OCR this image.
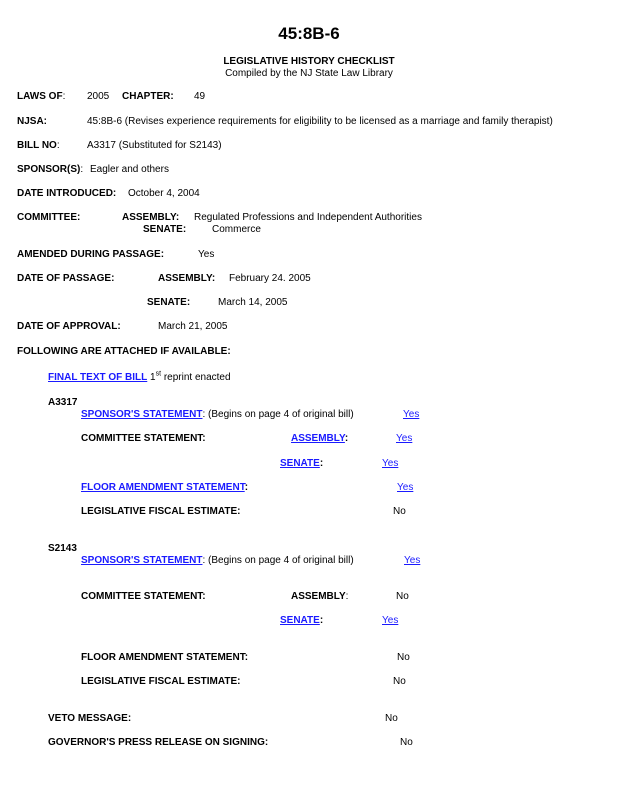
45:8B-6
LEGISLATIVE HISTORY CHECKLIST
Compiled by the NJ State Law Library
LAWS OF: 2005 CHAPTER: 49
NJSA:	45:8B-6 (Revises experience requirements for eligibility to be licensed as a marriage and family therapist)
BILL NO:	A3317 (Substituted for S2143)
SPONSOR(S): Eagler and others
DATE INTRODUCED: October 4, 2004
COMMITTEE:	ASSEMBLY: Regulated Professions and Independent Authorities
SENATE:	Commerce
AMENDED DURING PASSAGE:	Yes
DATE OF PASSAGE:	ASSEMBLY: February 24. 2005
SENATE:	March 14, 2005
DATE OF APPROVAL:	March 21, 2005
FOLLOWING ARE ATTACHED IF AVAILABLE:
FINAL TEXT OF BILL 1st reprint enacted
A3317
SPONSOR'S STATEMENT: (Begins on page 4 of original bill)	Yes
COMMITTEE STATEMENT:	ASSEMBLY:	Yes
SENATE:	Yes
FLOOR AMENDMENT STATEMENT:	Yes
LEGISLATIVE FISCAL ESTIMATE:	No
S2143
SPONSOR'S STATEMENT: (Begins on page 4 of original bill)	Yes
COMMITTEE STATEMENT:	ASSEMBLY:	No
SENATE:	Yes
FLOOR AMENDMENT STATEMENT:	No
LEGISLATIVE FISCAL ESTIMATE:	No
VETO MESSAGE:	No
GOVERNOR'S PRESS RELEASE ON SIGNING:	No
